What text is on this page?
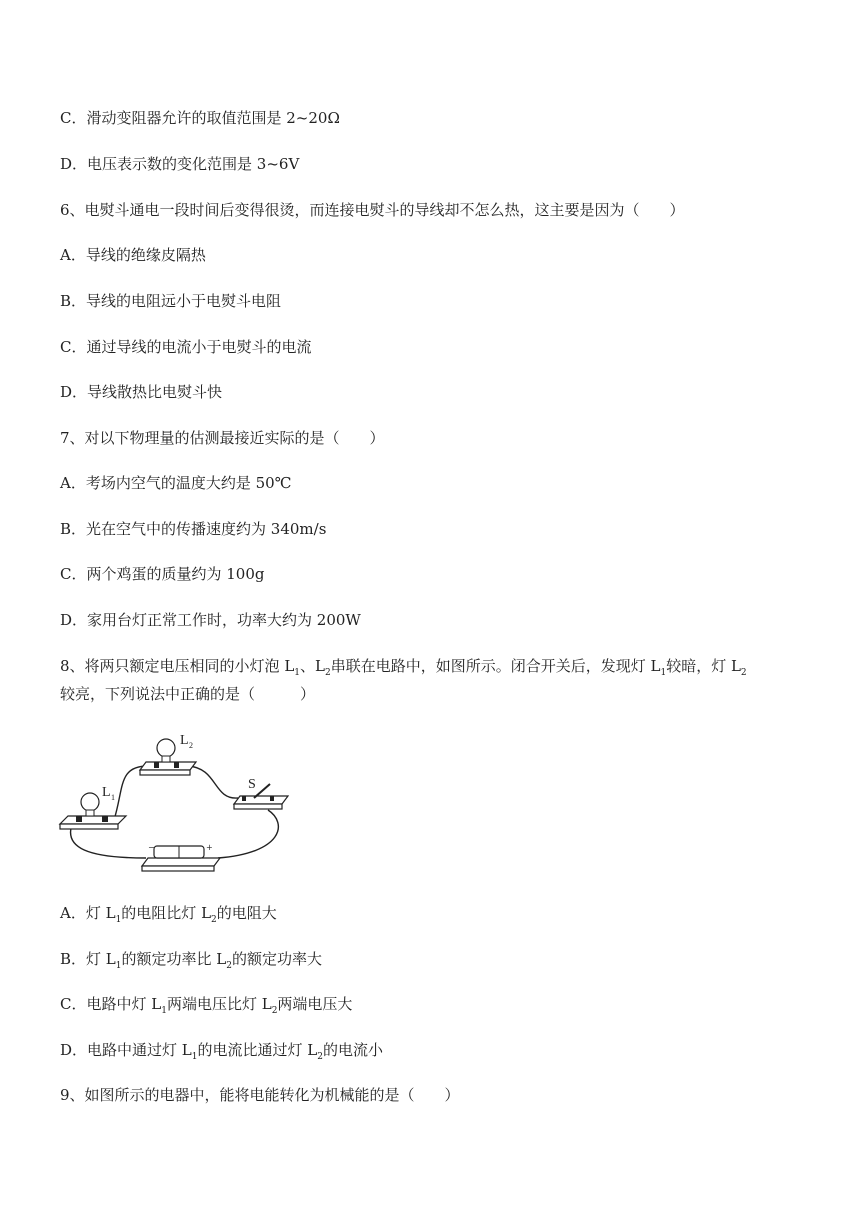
C．滑动变阻器允许的取值范围是 2~20Ω
D．电压表示数的变化范围是 3~6V
6、电熨斗通电一段时间后变得很烫，而连接电熨斗的导线却不怎么热，这主要是因为（　　）
A．导线的绝缘皮隔热
B．导线的电阻远小于电熨斗电阻
C．通过导线的电流小于电熨斗的电流
D．导线散热比电熨斗快
7、对以下物理量的估测最接近实际的是（　　）
A．考场内空气的温度大约是 50℃
B．光在空气中的传播速度约为 340m/s
C．两个鸡蛋的质量约为 100g
D．家用台灯正常工作时，功率大约为 200W
8、将两只额定电压相同的小灯泡 $L_1$、$L_2$串联在电路中，如图所示。闭合开关后，发现灯 $L_1$较暗，灯 $L_2$
较亮，下列说法中正确的是（　　　）
L 1
L 2
S
−	+
A．灯 $L_1$的电阻比灯 $L_2$的电阻大
B．灯 $L_1$的额定功率比 $L_2$的额定功率大
C．电路中灯 $L_1$两端电压比灯 $L_2$两端电压大
D．电路中通过灯 $L_1$的电流比通过灯 $L_2$的电流小
9、如图所示的电器中，能将电能转化为机械能的是（　　）
